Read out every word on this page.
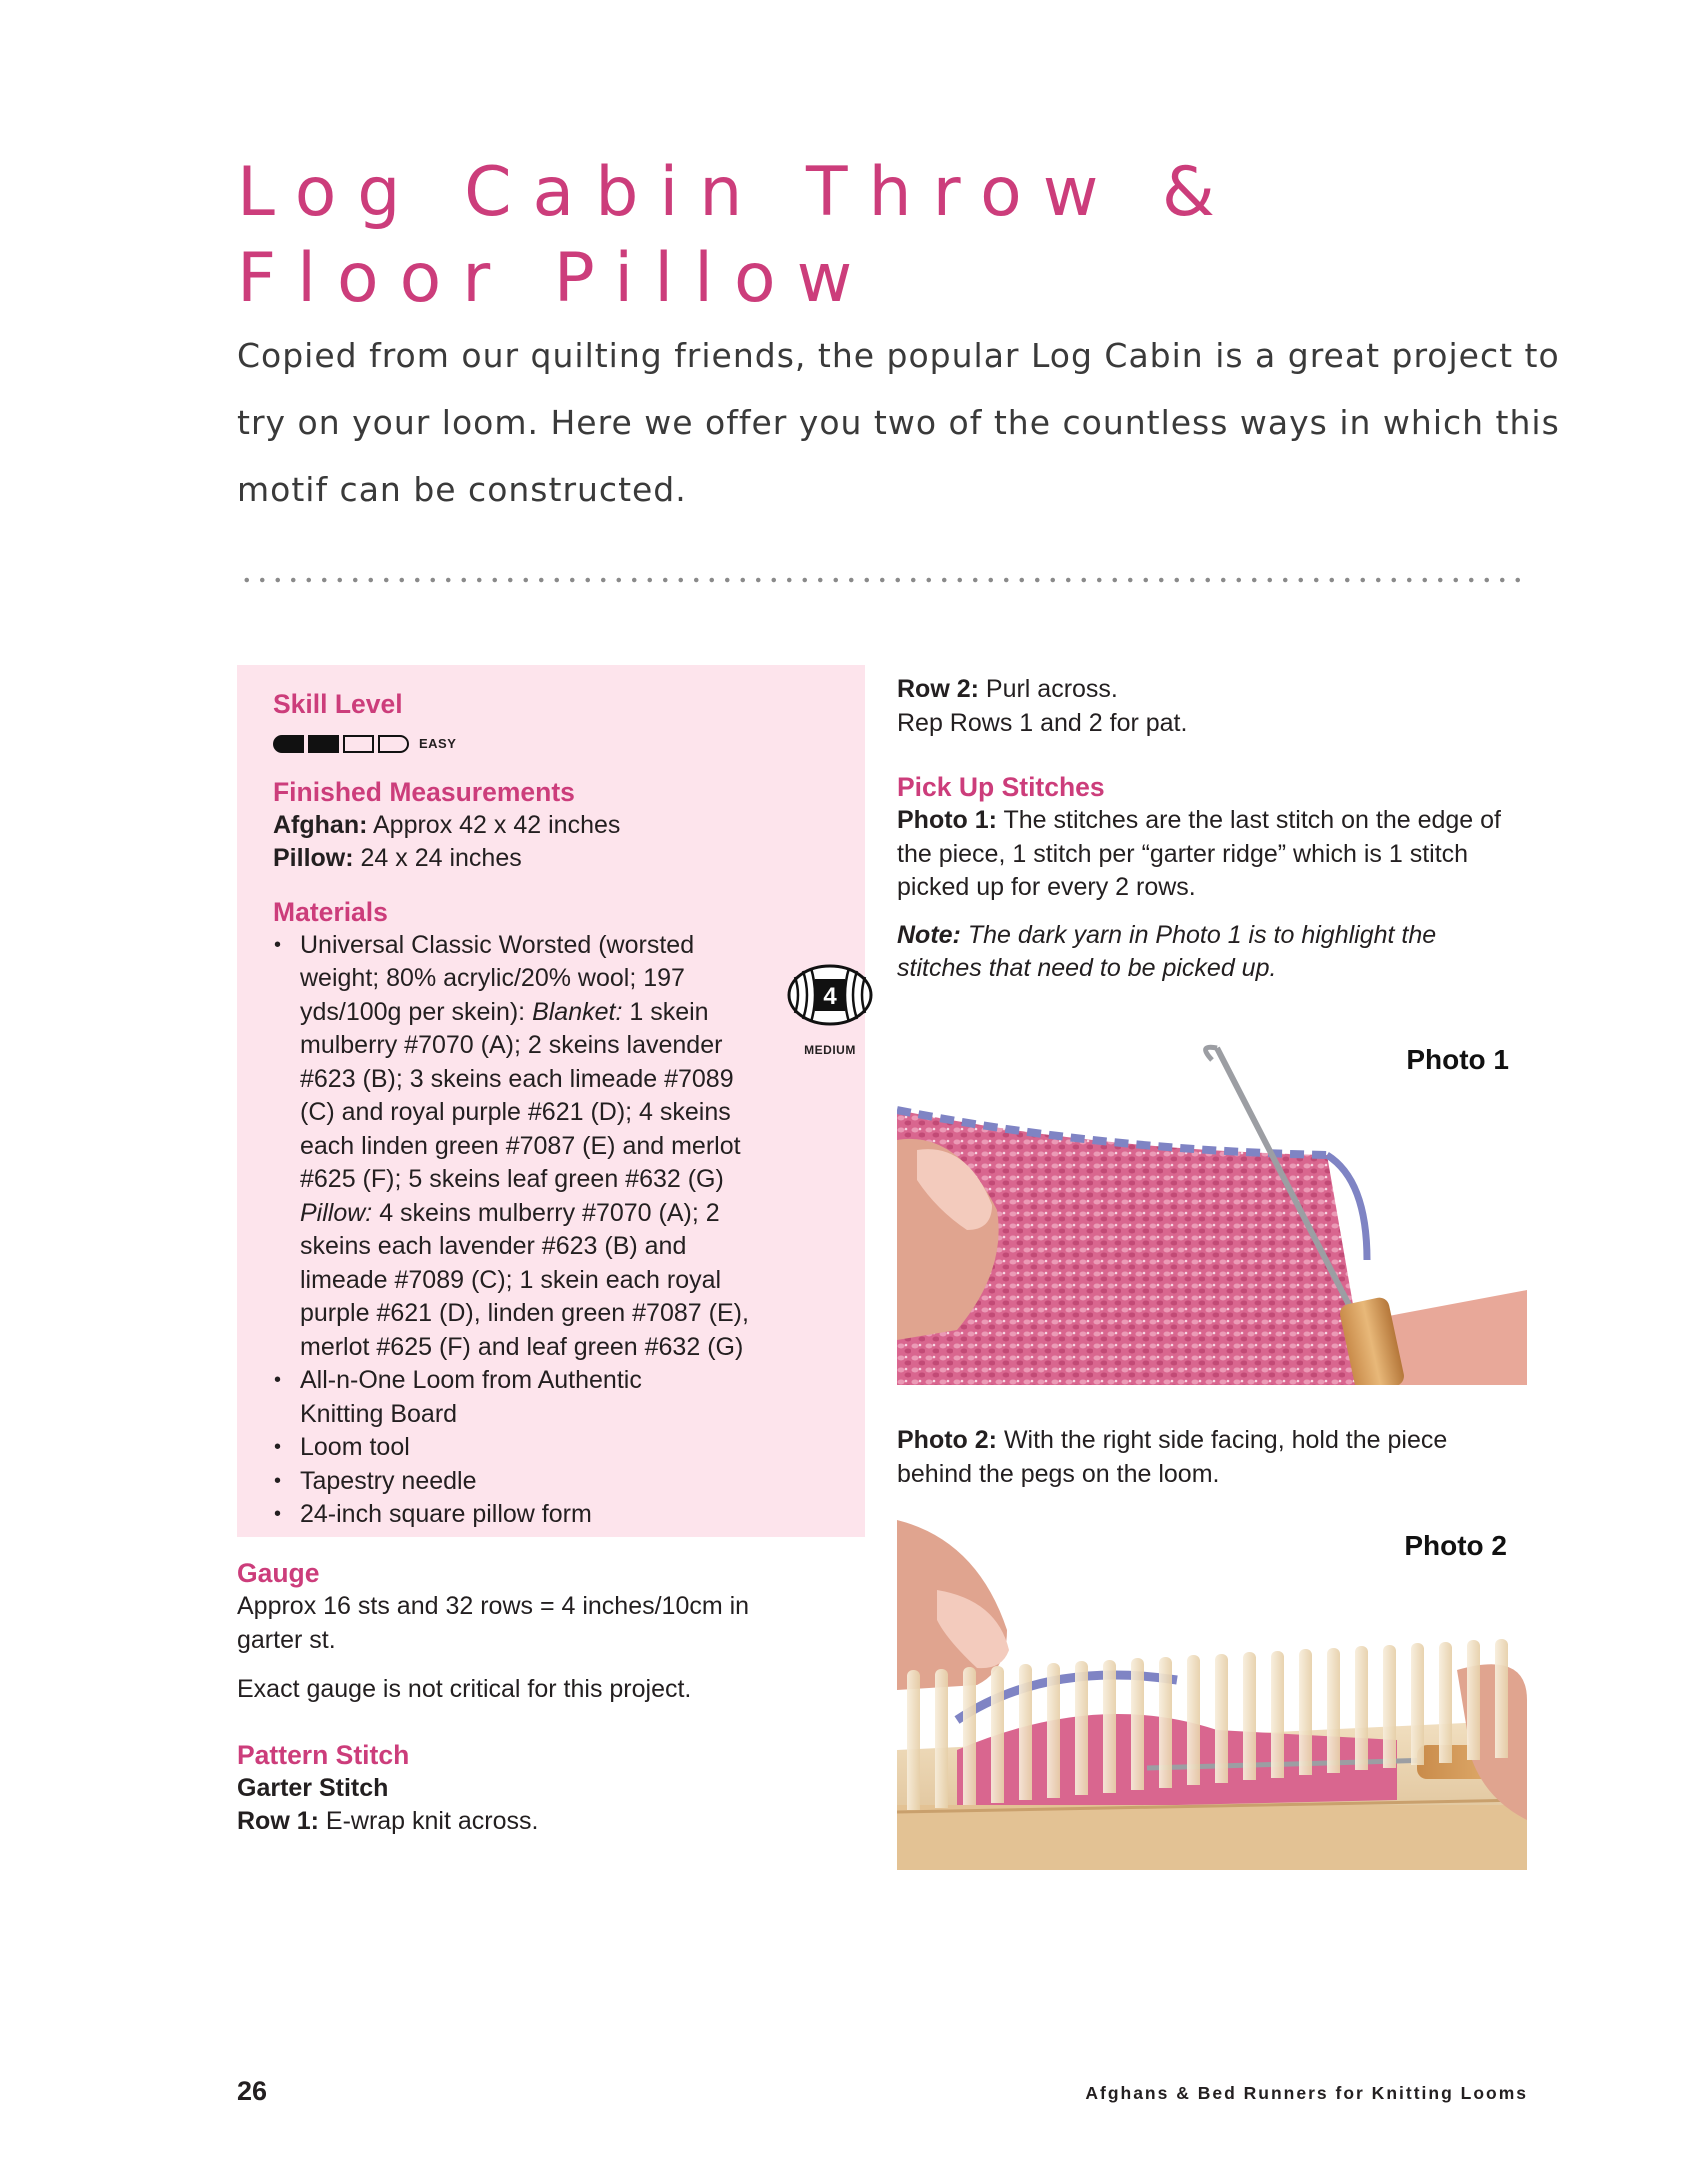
Log Cabin Throw &
Floor Pillow

Copied from our quilting friends, the popular Log Cabin is a great project to try on your loom. Here we offer you two of the countless ways in which this motif can be constructed.

Skill Level
EASY
Finished Measurements
Afghan: Approx 42 x 42 inches
Pillow: 24 x 24 inches
Materials
• Universal Classic Worsted (worsted weight; 80% acrylic/20% wool; 197 yds/100g per skein): Blanket: 1 skein mulberry #7070 (A); 2 skeins lavender #623 (B); 3 skeins each limeade #7089 (C) and royal purple #621 (D); 4 skeins each linden green #7087 (E) and merlot #625 (F); 5 skeins leaf green #632 (G) Pillow: 4 skeins mulberry #7070 (A); 2 skeins each lavender #623 (B) and limeade #7089 (C); 1 skein each royal purple #621 (D), linden green #7087 (E), merlot #625 (F) and leaf green #632 (G)
• All-n-One Loom from Authentic Knitting Board
• Loom tool
• Tapestry needle
• 24-inch square pillow form
4
MEDIUM
Gauge
Approx 16 sts and 32 rows = 4 inches/10cm in garter st.
Exact gauge is not critical for this project.
Pattern Stitch
Garter Stitch
Row 1: E-wrap knit across.
Row 2: Purl across.
Rep Rows 1 and 2 for pat.
Pick Up Stitches
Photo 1: The stitches are the last stitch on the edge of the piece, 1 stitch per “garter ridge” which is 1 stitch picked up for every 2 rows.
Note: The dark yarn in Photo 1 is to highlight the stitches that need to be picked up.
Photo 2: With the right side facing, hold the piece behind the pegs on the loom.
Photo 1
Photo 2
26	Afghans & Bed Runners for Knitting Looms
